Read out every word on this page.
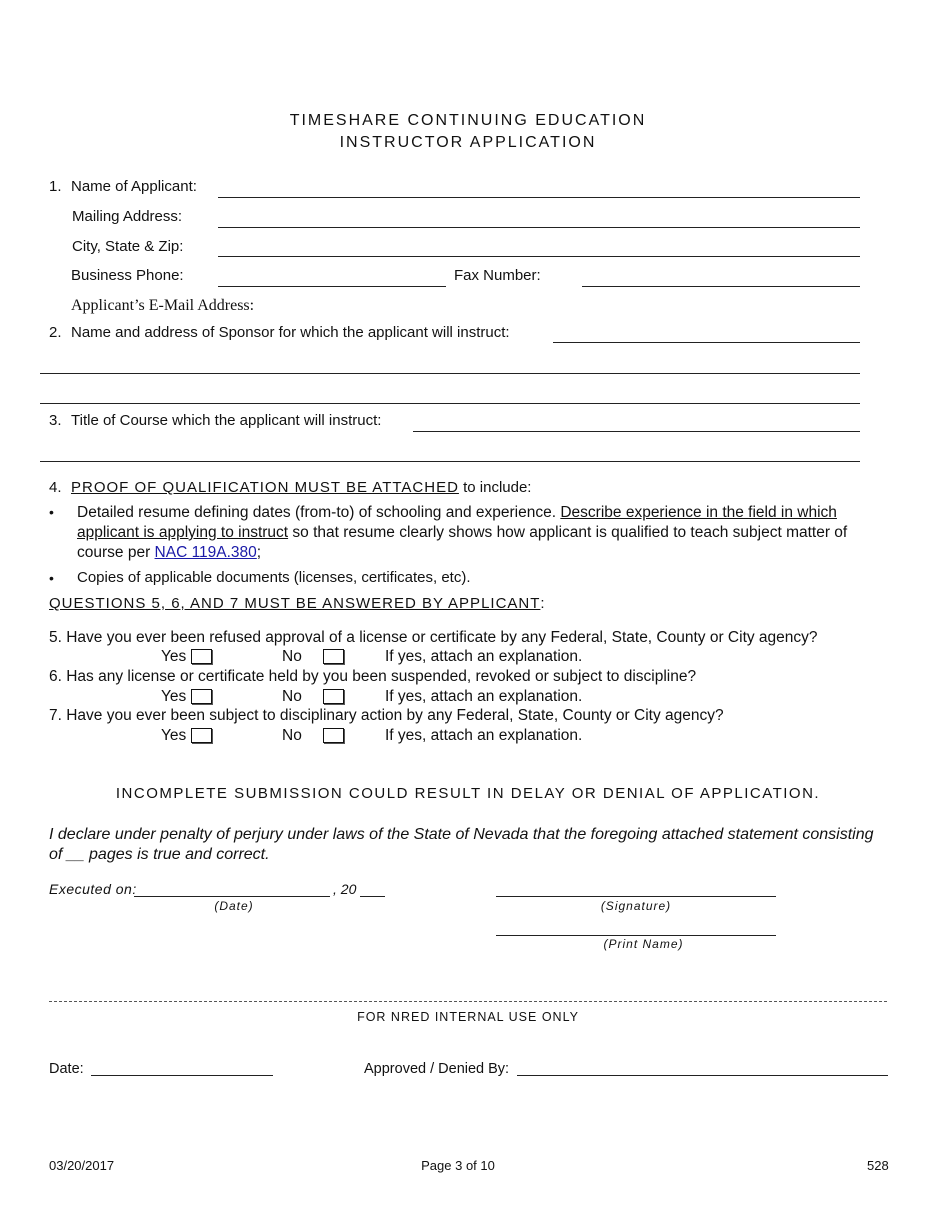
TIMESHARE CONTINUING EDUCATION
INSTRUCTOR APPLICATION
1. Name of Applicant:
Mailing Address:
City, State & Zip:
Business Phone:	Fax Number:
Applicant’s E-Mail Address:
2. Name and address of Sponsor for which the applicant will instruct:
3. Title of Course which the applicant will instruct:
4. PROOF OF QUALIFICATION MUST BE ATTACHED to include:
• Detailed resume defining dates (from-to) of schooling and experience. Describe experience in the field in which applicant is applying to instruct so that resume clearly shows how applicant is qualified to teach subject matter of course per NAC 119A.380;
• Copies of applicable documents (licenses, certificates, etc).
QUESTIONS 5, 6, AND 7 MUST BE ANSWERED BY APPLICANT:
5. Have you ever been refused approval of a license or certificate by any Federal, State, County or City agency?
Yes	No	If yes, attach an explanation.
6. Has any license or certificate held by you been suspended, revoked or subject to discipline?
Yes	No	If yes, attach an explanation.
7. Have you ever been subject to disciplinary action by any Federal, State, County or City agency?
Yes	No	If yes, attach an explanation.
INCOMPLETE SUBMISSION COULD RESULT IN DELAY OR DENIAL OF APPLICATION.
I declare under penalty of perjury under laws of the State of Nevada that the foregoing attached statement consisting of __ pages is true and correct.
Executed on:	, 20
(Date)	(Signature)
(Print Name)
FOR NRED INTERNAL USE ONLY
Date:	Approved / Denied By:
03/20/2017	Page 3 of 10	528
